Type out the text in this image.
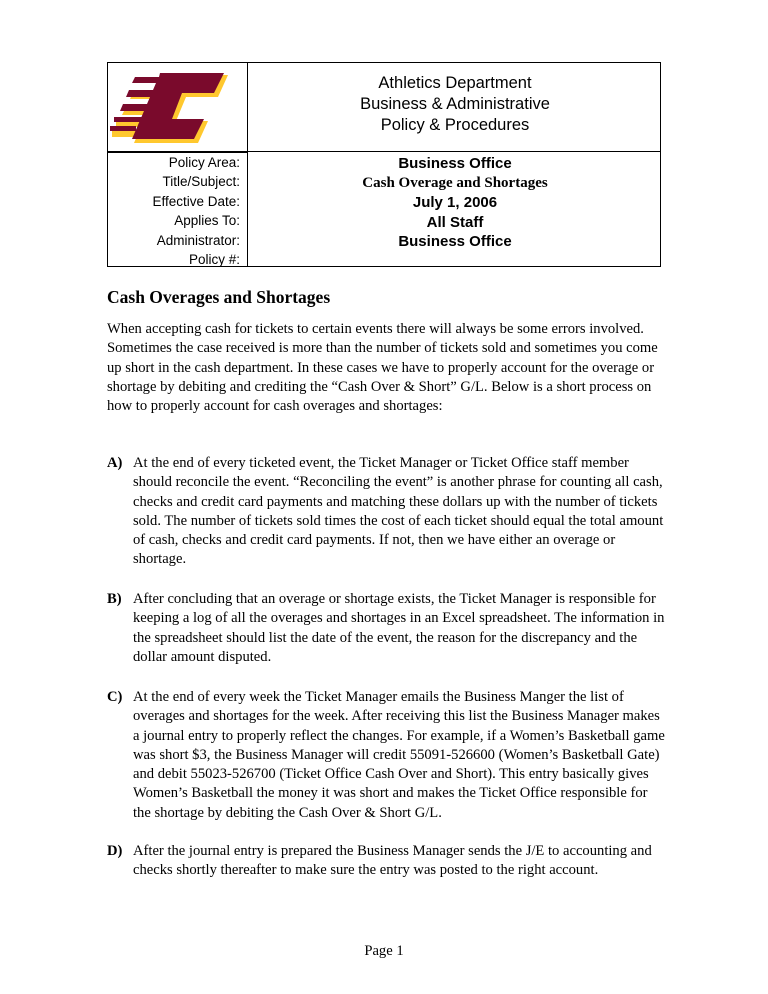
Athletics Department
Business & Administrative
Policy & Procedures
Policy Area:
Title/Subject:
Effective Date:
Applies To:
Administrator:
Policy #:
Business Office
Cash Overage and Shortages
July 1, 2006
All Staff
Business Office
Cash Overages and Shortages

When accepting cash for tickets to certain events there will always be some errors involved. Sometimes the case received is more than the number of tickets sold and sometimes you come up short in the cash department. In these cases we have to properly account for the overage or shortage by debiting and crediting the “Cash Over & Short” G/L. Below is a short process on how to properly account for cash overages and shortages:

A) At the end of every ticketed event, the Ticket Manager or Ticket Office staff member should reconcile the event. “Reconciling the event” is another phrase for counting all cash, checks and credit card payments and matching these dollars up with the number of tickets sold. The number of tickets sold times the cost of each ticket should equal the total amount of cash, checks and credit card payments. If not, then we have either an overage or shortage.
B) After concluding that an overage or shortage exists, the Ticket Manager is responsible for keeping a log of all the overages and shortages in an Excel spreadsheet. The information in the spreadsheet should list the date of the event, the reason for the discrepancy and the dollar amount disputed.
C) At the end of every week the Ticket Manager emails the Business Manger the list of overages and shortages for the week. After receiving this list the Business Manager makes a journal entry to properly reflect the changes. For example, if a Women’s Basketball game was short $3, the Business Manager will credit 55091-526600 (Women’s Basketball Gate) and debit 55023-526700 (Ticket Office Cash Over and Short). This entry basically gives Women’s Basketball the money it was short and makes the Ticket Office responsible for the shortage by debiting the Cash Over & Short G/L.
D) After the journal entry is prepared the Business Manager sends the J/E to accounting and checks shortly thereafter to make sure the entry was posted to the right account.
Page 1
